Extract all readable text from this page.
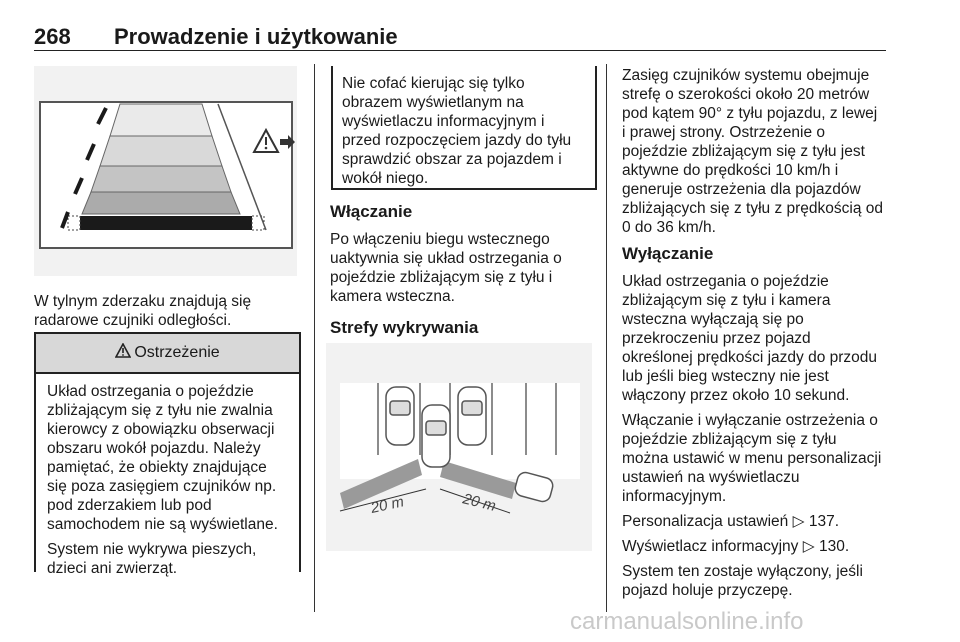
268 Prowadzenie i użytkowanie
W tylnym zderzaku znajdują się
radarowe czujniki odległości.
Ostrzeżenie
Układ ostrzegania o pojeździe
zbliżającym się z tyłu nie zwalnia
kierowcy z obowiązku obserwacji
obszaru wokół pojazdu. Należy
pamiętać, że obiekty znajdujące
się poza zasięgiem czujników np.
pod zderzakiem lub pod
samochodem nie są wyświetlane.
System nie wykrywa pieszych,
dzieci ani zwierząt.
Nie cofać kierując się tylko
obrazem wyświetlanym na
wyświetlaczu informacyjnym i
przed rozpoczęciem jazdy do tyłu
sprawdzić obszar za pojazdem i
wokół niego.
Włączanie
Po włączeniu biegu wstecznego
uaktywnia się układ ostrzegania o
pojeździe zbliżającym się z tyłu i
kamera wsteczna.
Strefy wykrywania
20 m	20 m
Zasięg czujników systemu obejmuje
strefę o szerokości około 20 metrów
pod kątem 90° z tyłu pojazdu, z lewej
i prawej strony. Ostrzeżenie o
pojeździe zbliżającym się z tyłu jest
aktywne do prędkości 10 km/h i
generuje ostrzeżenia dla pojazdów
zbliżających się z tyłu z prędkością od
0 do 36 km/h.
Wyłączanie
Układ ostrzegania o pojeździe
zbliżającym się z tyłu i kamera
wsteczna wyłączają się po
przekroczeniu przez pojazd
określonej prędkości jazdy do przodu
lub jeśli bieg wsteczny nie jest
włączony przez około 10 sekund.
Włączanie i wyłączanie ostrzeżenia o
pojeździe zbliżającym się z tyłu
można ustawić w menu personalizacji
ustawień na wyświetlaczu
informacyjnym.
Personalizacja ustawień ▷ 137.
Wyświetlacz informacyjny ▷ 130.
System ten zostaje wyłączony, jeśli
pojazd holuje przyczepę.
carmanualsonline.info
